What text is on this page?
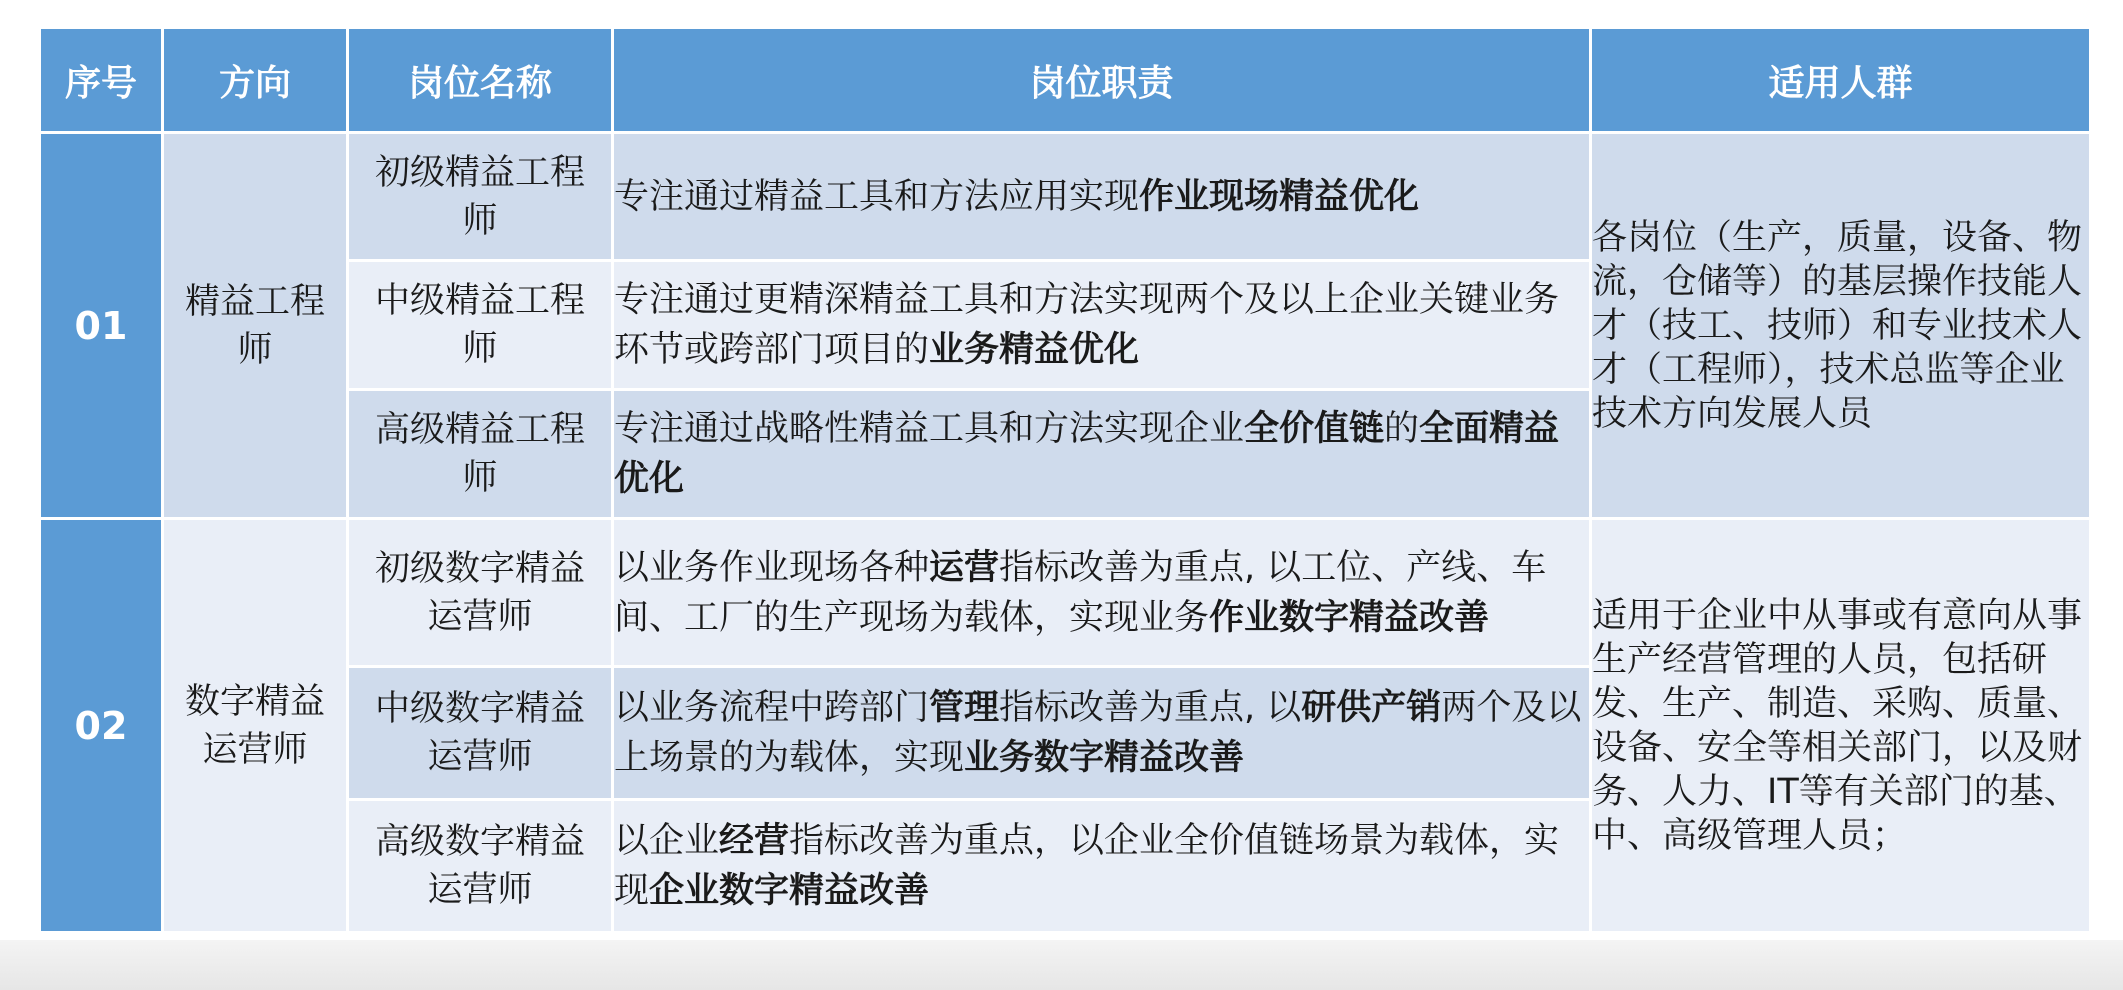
序号	方向	岗位名称	岗位职责	适用人群
01	精益工程师	初级精益工程师	专注通过精益工具和方法应用实现作业现场精益优化	各岗位（生产，质量，设备、物流，仓储等）的基层操作技能人才（技工、技师）和专业技术人才（工程师），技术总监等企业技术方向发展人员
		中级精益工程师	专注通过更精深精益工具和方法实现两个及以上企业关键业务环节或跨部门项目的业务精益优化	
		高级精益工程师	专注通过战略性精益工具和方法实现企业全价值链的全面精益优化	
02	数字精益运营师	初级数字精益运营师	以业务作业现场各种运营指标改善为重点, 以工位、产线、车间、工厂的生产现场为载体，实现业务作业数字精益改善	适用于企业中从事或有意向从事生产经营管理的人员，包括研发、生产、制造、采购、质量、设备、安全等相关部门，以及财务、人力、IT等有关部门的基、中、高级管理人员；
		中级数字精益运营师	以业务流程中跨部门管理指标改善为重点, 以研供产销两个及以上场景的为载体，实现业务数字精益改善	
		高级数字精益运营师	以企业经营指标改善为重点，以企业全价值链场景为载体，实现企业数字精益改善	
